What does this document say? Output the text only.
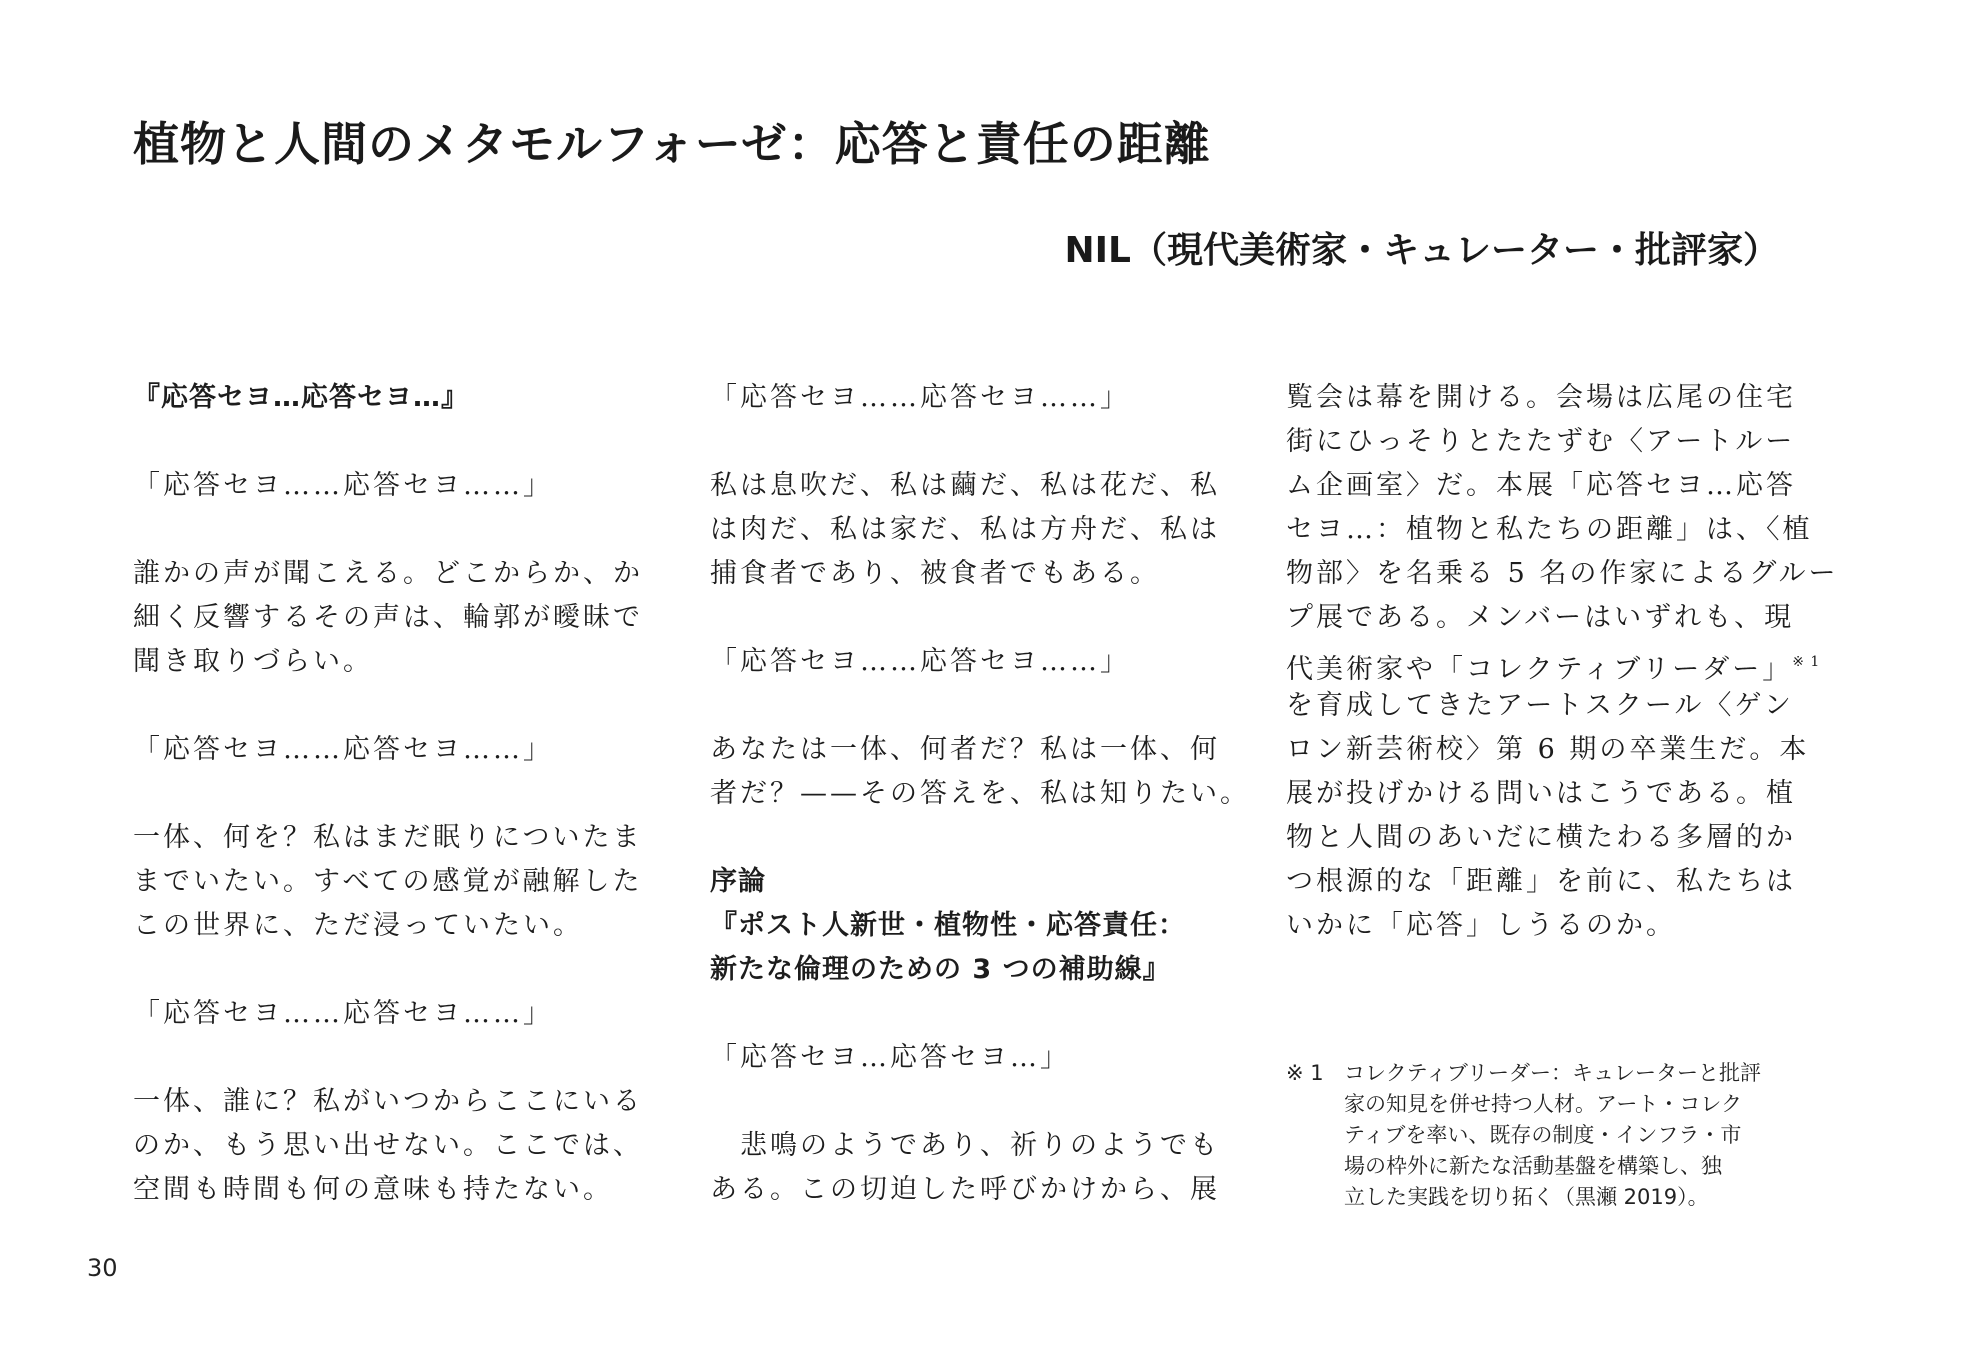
植物と人間のメタモルフォーゼ：応答と責任の距離
NIL（現代美術家・キュレーター・批評家）
『応答セヨ…応答セヨ…』
「応答セヨ……応答セヨ……」
誰かの声が聞こえる。どこからか、か
細く反響するその声は、輪郭が曖昧で
聞き取りづらい。
「応答セヨ……応答セヨ……」
一体、何を？私はまだ眠りについたま
までいたい。すべての感覚が融解した
この世界に、ただ浸っていたい。
「応答セヨ……応答セヨ……」
一体、誰に？私がいつからここにいる
のか、もう思い出せない。ここでは、
空間も時間も何の意味も持たない。
「応答セヨ……応答セヨ……」
私は息吹だ、私は繭だ、私は花だ、私
は肉だ、私は家だ、私は方舟だ、私は
捕食者であり、被食者でもある。
「応答セヨ……応答セヨ……」
あなたは一体、何者だ？私は一体、何
者だ？——その答えを、私は知りたい。
序論
『ポスト人新世・植物性・応答責任：
新たな倫理のための 3 つの補助線』
「応答セヨ…応答セヨ…」
　悲鳴のようであり、祈りのようでも
ある。この切迫した呼びかけから、展
覧会は幕を開ける。会場は広尾の住宅
街にひっそりとたたずむ〈アートルー
ム企画室〉だ。本展「応答セヨ…応答
セヨ…：植物と私たちの距離」は、〈植
物部〉を名乗る 5 名の作家によるグルー
プ展である。メンバーはいずれも、現
代美術家や「コレクティブリーダー」$^{※ 1}$
を育成してきたアートスクール〈ゲン
ロン新芸術校〉第 6 期の卒業生だ。本
展が投げかける問いはこうである。植
物と人間のあいだに横たわる多層的か
つ根源的な「距離」を前に、私たちは
いかに「応答」しうるのか。
※ 1 コレクティブリーダー：キュレーターと批評
家の知見を併せ持つ人材。アート・コレク
ティブを率い、既存の制度・インフラ・市
場の枠外に新たな活動基盤を構築し、独
立した実践を切り拓く（黒瀬 2019）。
30
